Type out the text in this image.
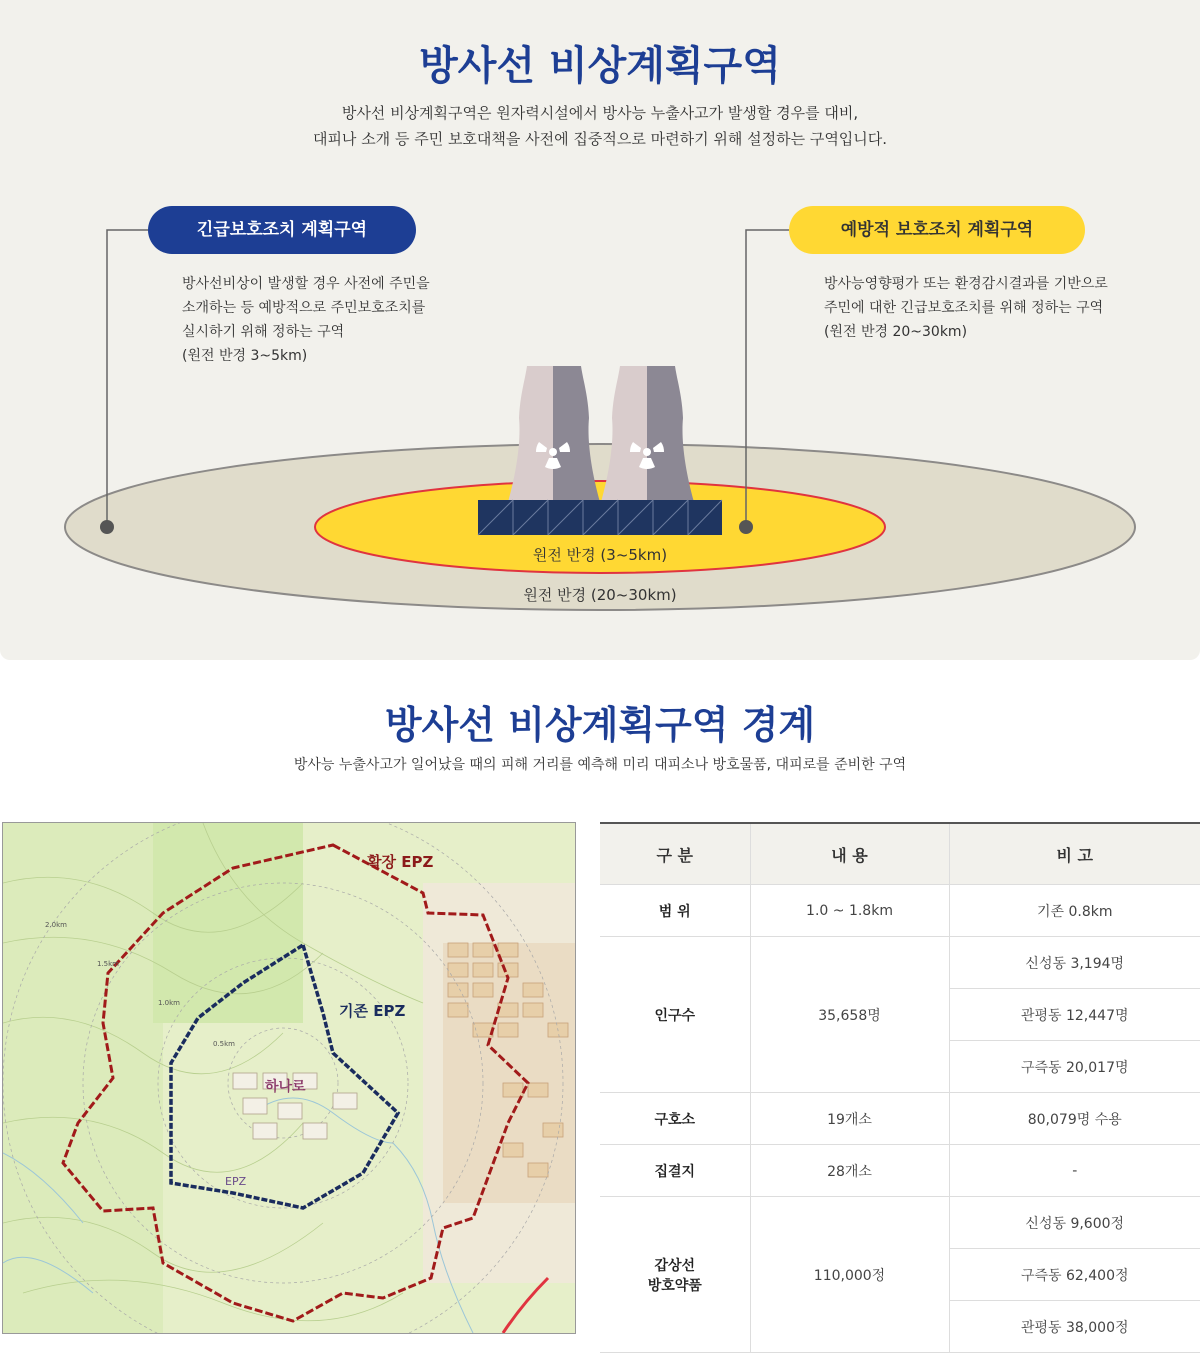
방사선 비상계획구역
방사선 비상계획구역은 원자력시설에서 방사능 누출사고가 발생할 경우를 대비,
대피나 소개 등 주민 보호대책을 사전에 집중적으로 마련하기 위해 설정하는 구역입니다.
원전 반경 (3~5km)
원전 반경 (20~30km)
긴급보호조치 계획구역
방사선비상이 발생할 경우 사전에 주민을
소개하는 등 예방적으로 주민보호조치를
실시하기 위해 정하는 구역
(원전 반경 3~5km)
예방적 보호조치 계획구역
방사능영향평가 또는 환경감시결과를 기반으로
주민에 대한 긴급보호조치를 위해 정하는 구역
(원전 반경 20~30km)
방사선 비상계획구역 경계
방사능 누출사고가 일어났을 때의 피해 거리를 예측해 미리 대피소나 방호물품, 대피로를 준비한 구역
확장 EPZ
기존 EPZ
하나로
EPZ
2.0km
1.5km
1.0km
0.5km
구 분	내 용	비 고
범 위	1.0 ~ 1.8km	기존 0.8km
인구수	35,658명	신성동 3,194명
		관평동 12,447명
		구즉동 20,017명
구호소	19개소	80,079명 수용
집결지	28개소	-

갑상선
방호약품	110,000정	신성동 9,600정
		구즉동 62,400정
		관평동 38,000정
